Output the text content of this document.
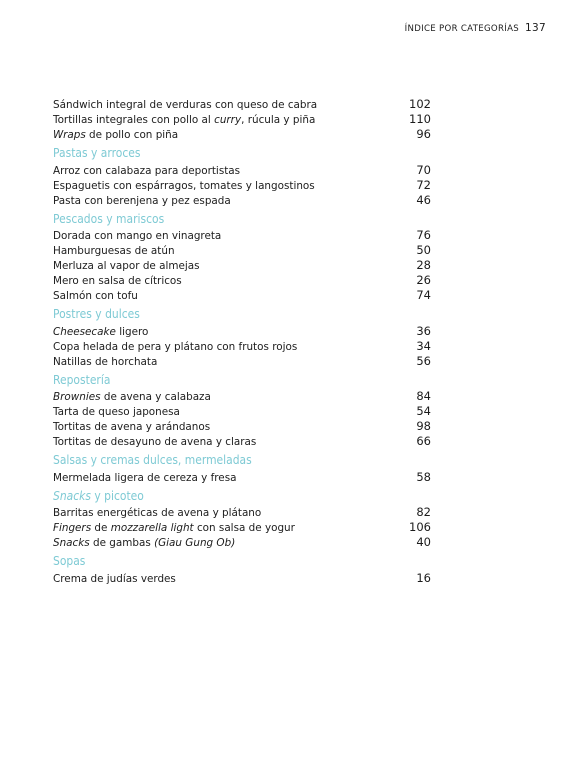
ÍNDICE POR CATEGORÍAS 137
Sándwich integral de verduras con queso de cabra	102
Tortillas integrales con pollo al curry, rúcula y piña	110
Wraps de pollo con piña	96
Pastas y arroces
Arroz con calabaza para deportistas	70
Espaguetis con espárragos, tomates y langostinos	72
Pasta con berenjena y pez espada	46
Pescados y mariscos
Dorada con mango en vinagreta	76
Hamburguesas de atún	50
Merluza al vapor de almejas	28
Mero en salsa de cítricos	26
Salmón con tofu	74
Postres y dulces
Cheesecake ligero	36
Copa helada de pera y plátano con frutos rojos	34
Natillas de horchata	56
Repostería
Brownies de avena y calabaza	84
Tarta de queso japonesa	54
Tortitas de avena y arándanos	98
Tortitas de desayuno de avena y claras	66
Salsas y cremas dulces, mermeladas
Mermelada ligera de cereza y fresa	58
Snacks y picoteo
Barritas energéticas de avena y plátano	82
Fingers de mozzarella light con salsa de yogur	106
Snacks de gambas (Giau Gung Ob)	40
Sopas
Crema de judías verdes	16
